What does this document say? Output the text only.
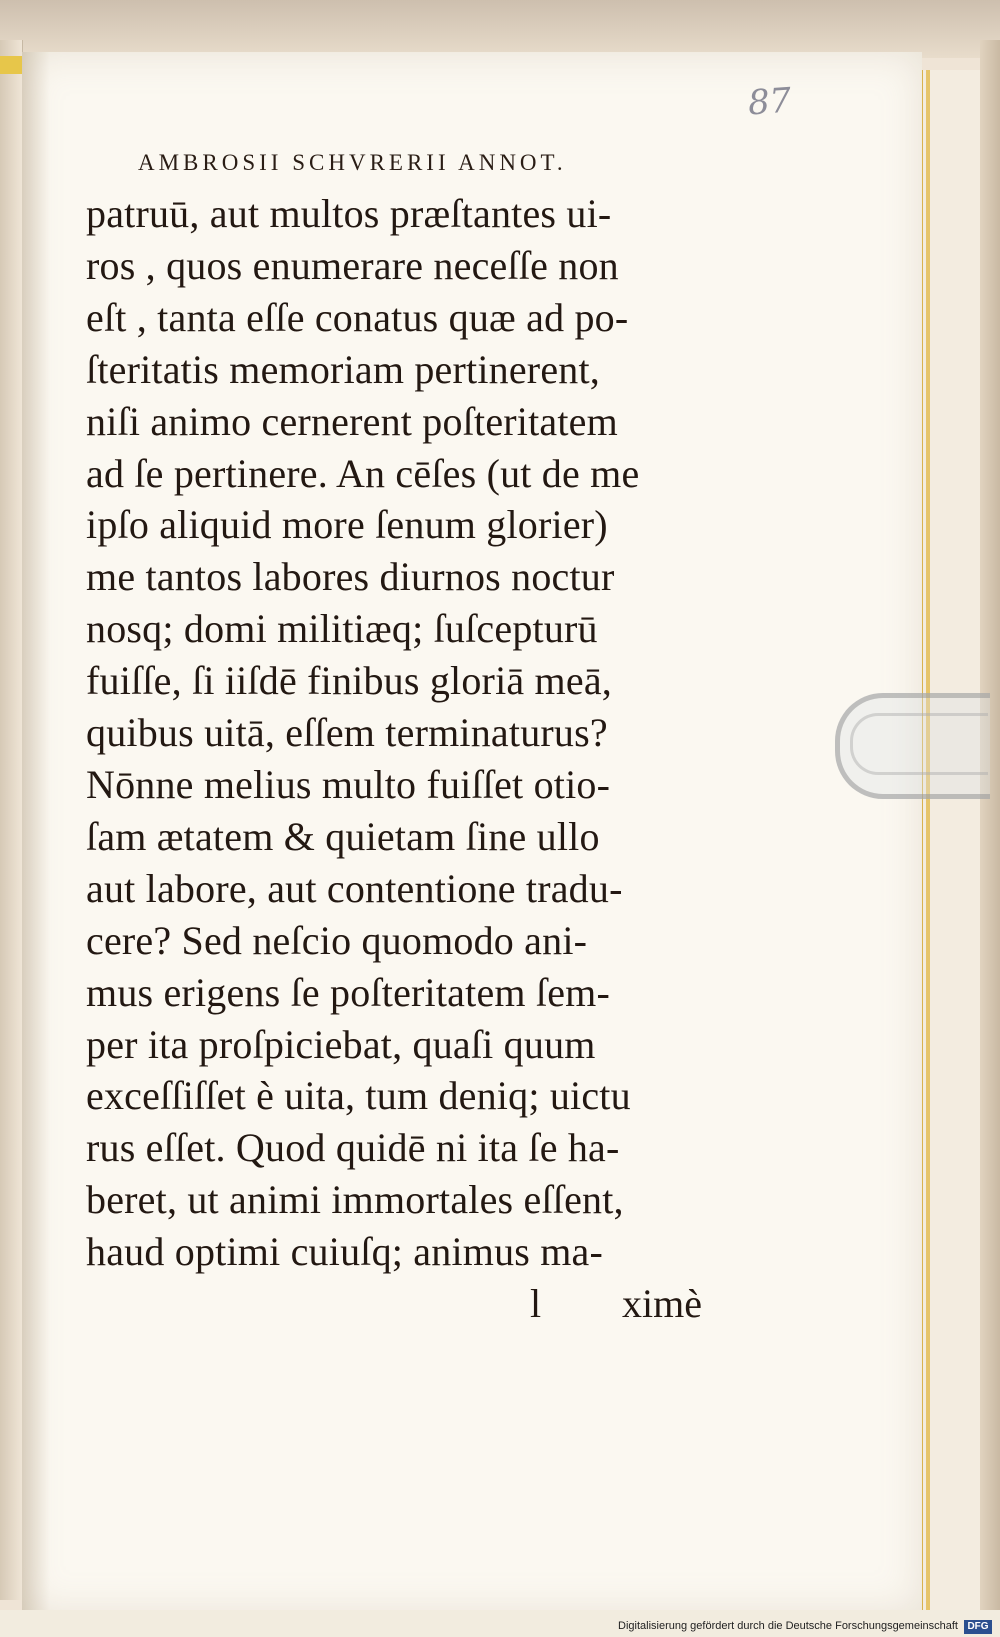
87
AMBROSII SCHVRERII ANNOT.
patruū, aut multos præſtantes ui-
ros , quos enumerare neceſſe non
eſt , tanta eſſe conatus quæ ad po-
ſteritatis memoriam pertinerent,
niſi animo cernerent poſteritatem
ad ſe pertinere. An cēſes (ut de me
ipſo aliquid more ſenum glorier)
me tantos labores diurnos noctur
nosq; domi militiæq; ſuſcepturū
fuiſſe, ſi iiſdē finibus gloriā meā,
quibus uitā, eſſem terminaturus?
Nōnne melius multo fuiſſet otio-
ſam ætatem & quietam ſine ullo
aut labore, aut contentione tradu-
cere? Sed neſcio quomodo ani-
mus erigens ſe poſteritatem ſem-
per ita proſpiciebat, quaſi quum
exceſſiſſet è uita, tum deniq; uictu
rus eſſet. Quod quidē ni ita ſe ha-
beret, ut animi immortales eſſent,
haud optimi cuiuſq; animus ma-
l ximè
Digitalisierung gefördert durch die Deutsche Forschungsgemeinschaft DFG
